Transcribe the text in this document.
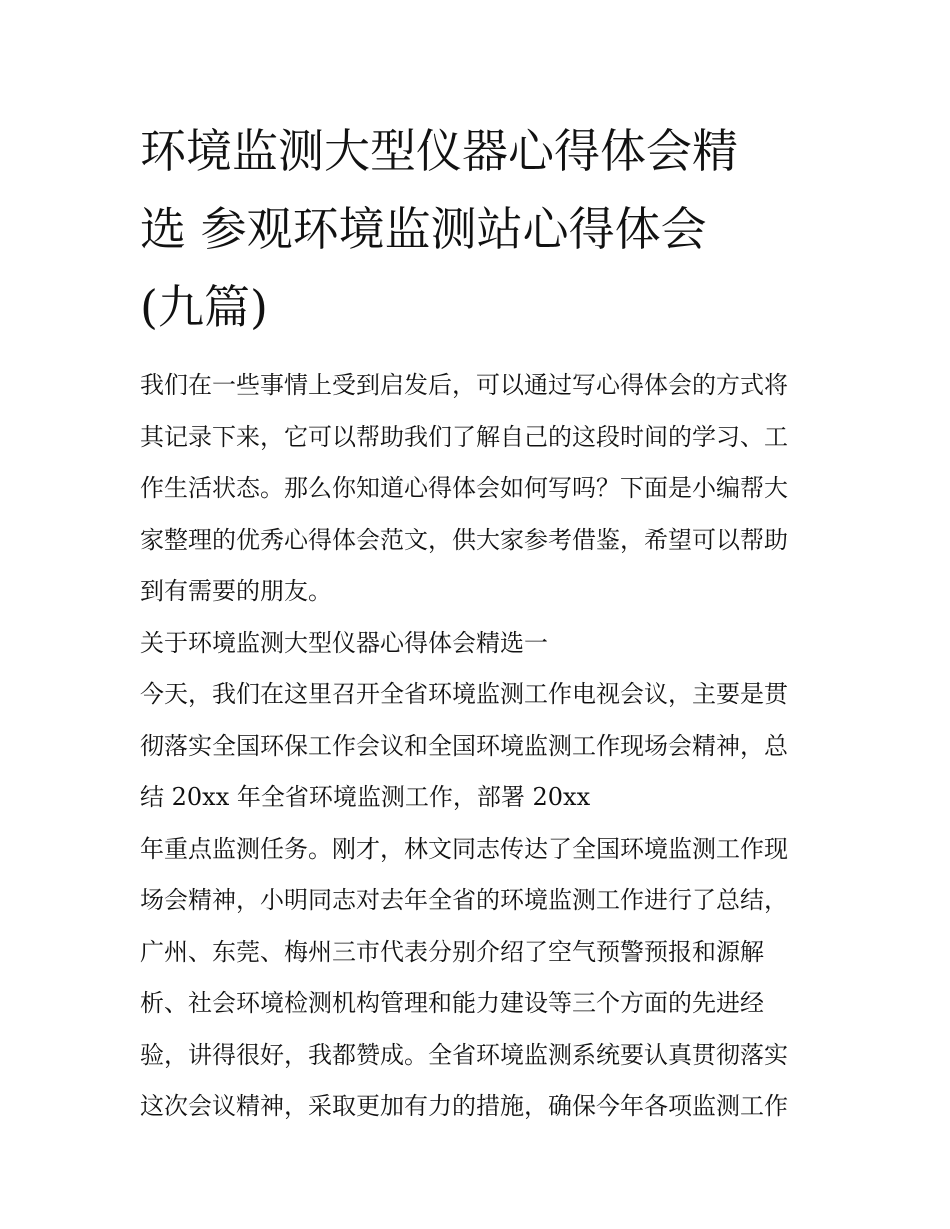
环境监测大型仪器心得体会精
选 参观环境监测站心得体会
(九篇)
我们在一些事情上受到启发后，可以通过写心得体会的方式将
其记录下来，它可以帮助我们了解自己的这段时间的学习、工
作生活状态。那么你知道心得体会如何写吗？下面是小编帮大
家整理的优秀心得体会范文，供大家参考借鉴，希望可以帮助
到有需要的朋友。
关于环境监测大型仪器心得体会精选一
今天，我们在这里召开全省环境监测工作电视会议，主要是贯
彻落实全国环保工作会议和全国环境监测工作现场会精神，总
结 20xx 年全省环境监测工作，部署 20xx
年重点监测任务。刚才，林文同志传达了全国环境监测工作现
场会精神，小明同志对去年全省的环境监测工作进行了总结，
广州、东莞、梅州三市代表分别介绍了空气预警预报和源解
析、社会环境检测机构管理和能力建设等三个方面的先进经
验，讲得很好，我都赞成。全省环境监测系统要认真贯彻落实
这次会议精神，采取更加有力的措施，确保今年各项监测工作
